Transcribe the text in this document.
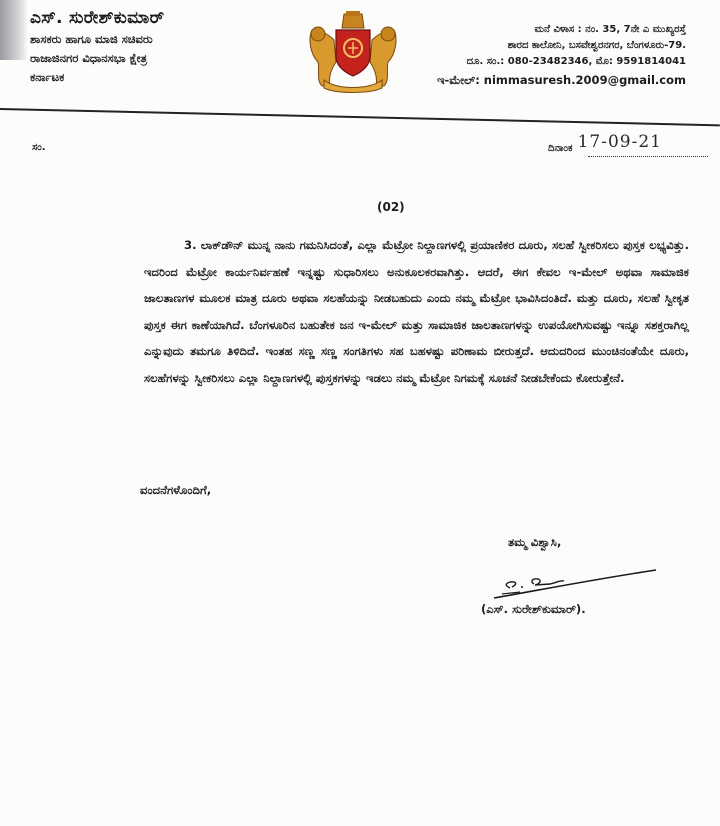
ಎಸ್. ಸುರೇಶ್‌ಕುಮಾರ್
ಶಾಸಕರು ಹಾಗೂ ಮಾಜಿ ಸಚಿವರು
ರಾಜಾಜಿನಗರ ವಿಧಾನಸಭಾ ಕ್ಷೇತ್ರ
ಕರ್ನಾಟಕ
ಮನೆ ವಿಳಾಸ : ನಂ. 35, 7ನೇ ಎ ಮುಖ್ಯರಸ್ತೆ
ಶಾರದ ಕಾಲೋನಿ, ಬಸವೇಶ್ವರನಗರ, ಬೆಂಗಳೂರು-79.
ದೂ. ಸಂ.: 080-23482346, ಮೊ: 9591814041
ಇ-ಮೇಲ್: nimmasuresh.2009@gmail.com
ಸಂ.	ದಿನಾಂಕ 17-09-21
(02)
3. ಲಾಕ್‌ಡೌನ್ ಮುನ್ನ ನಾನು ಗಮನಿಸಿದಂತೆ, ಎಲ್ಲಾ ಮೆಟ್ರೋ ನಿಲ್ದಾಣಗಳಲ್ಲಿ ಪ್ರಯಾಣಿಕರ ದೂರು, ಸಲಹೆ ಸ್ವೀಕರಿಸಲು ಪುಸ್ತಕ ಲಭ್ಯವಿತ್ತು. ಇದರಿಂದ ಮೆಟ್ರೋ ಕಾರ್ಯನಿರ್ವಹಣೆ ಇನ್ನಷ್ಟು ಸುಧಾರಿಸಲು ಅನುಕೂಲಕರವಾಗಿತ್ತು. ಆದರೆ, ಈಗ ಕೇವಲ ಇ-ಮೇಲ್ ಅಥವಾ ಸಾಮಾಜಿಕ ಜಾಲತಾಣಗಳ ಮೂಲಕ ಮಾತ್ರ ದೂರು ಅಥವಾ ಸಲಹೆಯನ್ನು ನೀಡಬಹುದು ಎಂದು ನಮ್ಮ ಮೆಟ್ರೋ ಭಾವಿಸಿದಂತಿದೆ. ಮತ್ತು ದೂರು, ಸಲಹೆ ಸ್ವೀಕೃತ ಪುಸ್ತಕ ಈಗ ಕಾಣೆಯಾಗಿದೆ. ಬೆಂಗಳೂರಿನ ಬಹುತೇಕ ಜನ ಇ-ಮೇಲ್ ಮತ್ತು ಸಾಮಾಜಿಕ ಜಾಲತಾಣಗಳನ್ನು ಉಪಯೋಗಿಸುವಷ್ಟು ಇನ್ನೂ ಸಶಕ್ತರಾಗಿಲ್ಲ ಎನ್ನುವುದು ತಮಗೂ ತಿಳಿದಿದೆ. ಇಂತಹ ಸಣ್ಣ ಸಣ್ಣ ಸಂಗತಿಗಳು ಸಹ ಬಹಳಷ್ಟು ಪರಿಣಾಮ ಬೀರುತ್ತದೆ. ಆದುದರಿಂದ ಮುಂಚಿನಂತೆಯೇ ದೂರು, ಸಲಹೆಗಳನ್ನು ಸ್ವೀಕರಿಸಲು ಎಲ್ಲಾ ನಿಲ್ದಾಣಗಳಲ್ಲಿ ಪುಸ್ತಕಗಳನ್ನು ಇಡಲು ನಮ್ಮ ಮೆಟ್ರೋ ನಿಗಮಕ್ಕೆ ಸೂಚನೆ ನೀಡಬೇಕೆಂದು ಕೋರುತ್ತೇನೆ.
ವಂದನೆಗಳೊಂದಿಗೆ,
ತಮ್ಮ ವಿಶ್ವಾಸಿ,
(ಎಸ್. ಸುರೇಶ್‌ಕುಮಾರ್).
